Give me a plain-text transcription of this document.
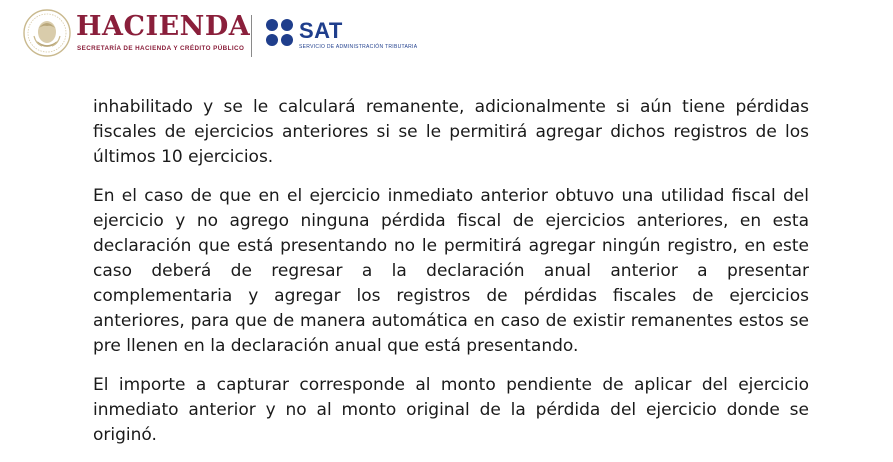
HACIENDA
SECRETARÍA DE HACIENDA Y CRÉDITO PÚBLICO
SAT
SERVICIO DE ADMINISTRACIÓN TRIBUTARIA

inhabilitado y se le calculará remanente, adicionalmente si aún tiene pérdidas fiscales de ejercicios anteriores si se le permitirá agregar dichos registros de los últimos 10 ejercicios.

En el caso de que en el ejercicio inmediato anterior obtuvo una utilidad fiscal del ejercicio y no agrego ninguna pérdida fiscal de ejercicios anteriores, en esta declaración que está presentando no le permitirá agregar ningún registro, en este caso deberá de regresar a la declaración anual anterior a presentar complementaria y agregar los registros de pérdidas fiscales de ejercicios anteriores, para que de manera automática en caso de existir remanentes estos se pre llenen en la declaración anual que está presentando.

El importe a capturar corresponde al monto pendiente de aplicar del ejercicio inmediato anterior y no al monto original de la pérdida del ejercicio donde se originó.
